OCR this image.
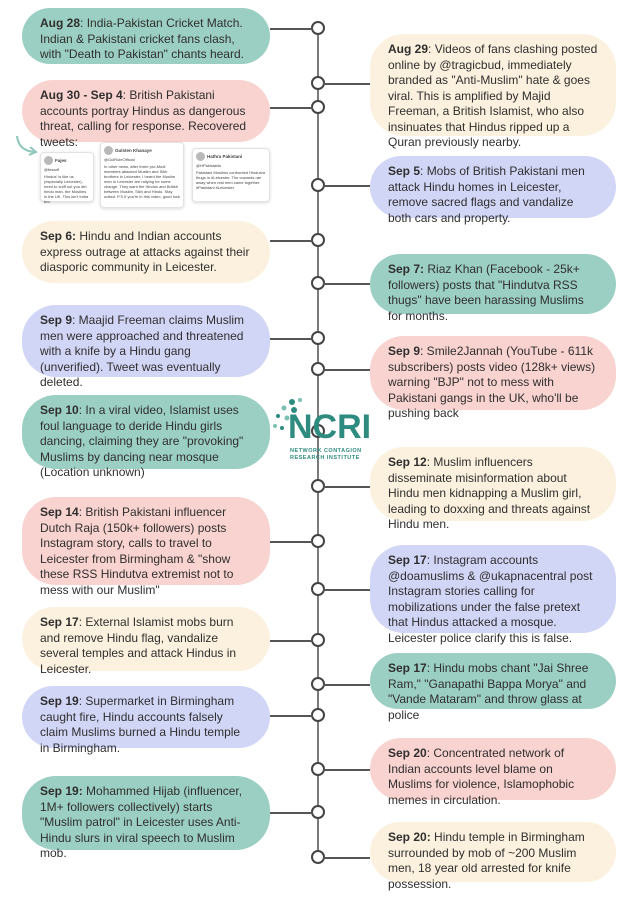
Aug 28: India-Pakistan Cricket Match. Indian & Pakistani cricket fans clash, with "Death to Pakistan" chants heard.
Aug 30 - Sep 4: British Pakistani accounts portray Hindus as dangerous threat, calling for response. Recovered tweets:
Fajes
@fesadf
Hindus' is like us (especially Leicester), need to sniff out you dirt hindu man. the Muslims in the UK. This isn't India bro
Gulsten Khanaye
@GulRuleOfficial
In other news, after three pro-Modi members attacked Muslim and Sikh brothers in Leicester, I heard the Muslim men in Leicester are rallying for some change. They want the Hindus and British between Muslim, Sikh and Hindu. Stay united. P.S If you're in this video, good luck
Hathra Pakistani
@HPakistanis
Pakistani Muslims confronted Hindutva thugs in #Leicester. The cowards ran away when real men came together. #Pakistani #Leicester
Sep 6: Hindu and Indian accounts express outrage at attacks against their diasporic community in Leicester.
Sep 9: Maajid Freeman claims Muslim men were approached and threatened with a knife by a Hindu gang (unverified). Tweet was eventually deleted.
Sep 10: In a viral video, Islamist uses foul language to deride Hindu girls dancing, claiming they are "provoking" Muslims by dancing near mosque (Location unknown)
Sep 14: British Pakistani influencer Dutch Raja (150k+ followers) posts Instagram story, calls to travel to Leicester from Birmingham & "show these RSS Hindutva extremist not to mess with our Muslim"
Sep 17: External Islamist mobs burn and remove Hindu flag, vandalize several temples and attack Hindus in Leicester.
Sep 19: Supermarket in Birmingham caught fire, Hindu accounts falsely claim Muslims burned a Hindu temple in Birmingham.
Sep 19: Mohammed Hijab (influencer, 1M+ followers collectively) starts "Muslim patrol" in Leicester uses Anti-Hindu slurs in viral speech to Muslim mob.
Aug 29: Videos of fans clashing posted online by @tragicbud, immediately branded as "Anti-Muslim" hate & goes viral. This is amplified by Majid Freeman, a British Islamist, who also insinuates that Hindus ripped up a Quran previously nearby.
Sep 5: Mobs of British Pakistani men attack Hindu homes in Leicester, remove sacred flags and vandalize both cars and property.
Sep 7: Riaz Khan (Facebook - 25k+ followers) posts that "Hindutva RSS thugs" have been harassing Muslims for months.
Sep 9: Smile2Jannah (YouTube - 611k subscribers) posts video (128k+ views) warning "BJP" not to mess with Pakistani gangs in the UK, who'll be pushing back
Sep 12: Muslim influencers disseminate misinformation about Hindu men kidnapping a Muslim girl, leading to doxxing and threats against Hindu men.
Sep 17: Instagram accounts @doamuslims & @ukapnacentral post Instagram stories calling for mobilizations under the false pretext that Hindus attacked a mosque. Leicester police clarify this is false.
Sep 17: Hindu mobs chant "Jai Shree Ram," "Ganapathi Bappa Morya" and "Vande Mataram" and throw glass at police
Sep 20: Concentrated network of Indian accounts level blame on Muslims for violence, Islamophobic memes in circulation.
Sep 20: Hindu temple in Birmingham surrounded by mob of ~200 Muslim men, 18 year old arrested for knife possession.
NCRI
NETWORK CONTAGION RESEARCH INSTITUTE
